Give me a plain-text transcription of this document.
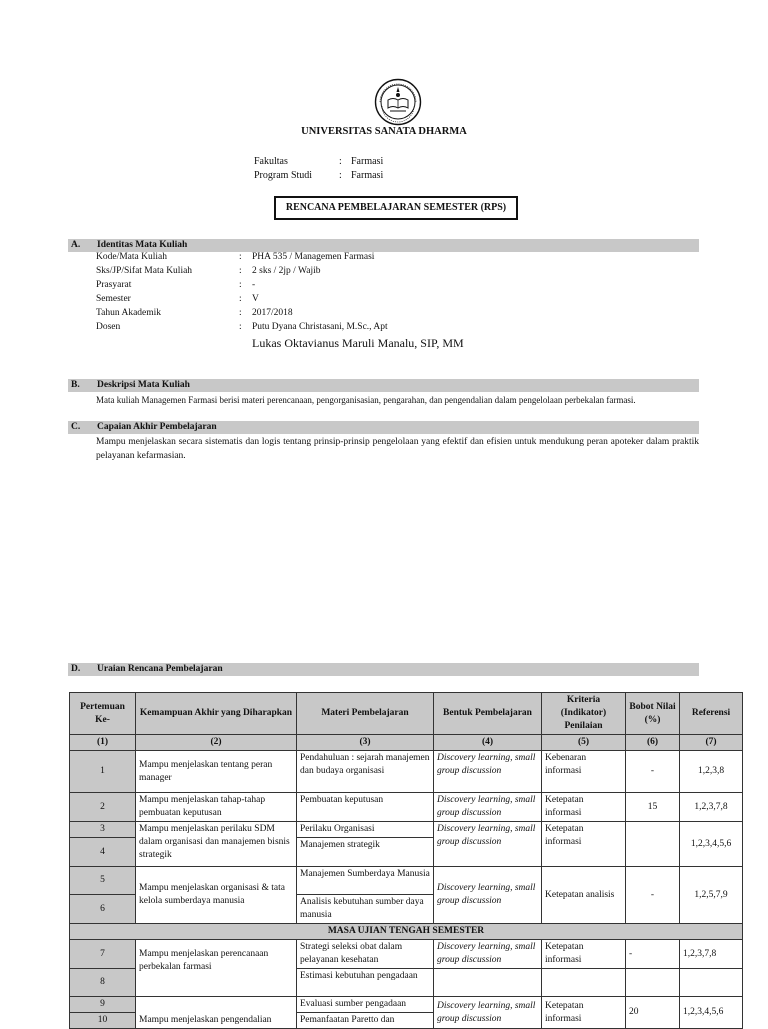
UNIVERSITAS SANATA DHARMA
Fakultas	: Farmasi
Program Studi	: Farmasi
RENCANA PEMBELAJARAN SEMESTER (RPS)
A. Identitas Mata Kuliah
Kode/Mata Kuliah	: PHA 535 / Managemen Farmasi
Sks/JP/Sifat Mata Kuliah	: 2 sks / 2jp / Wajib
Prasyarat	: -
Semester	: V
Tahun Akademik	: 2017/2018
Dosen	: Putu Dyana Christasani, M.Sc., Apt
Lukas Oktavianus Maruli Manalu, SIP, MM
B. Deskripsi Mata Kuliah
Mata kuliah Managemen Farmasi berisi materi perencanaan, pengorganisasian, pengarahan, dan pengendalian dalam pengelolaan perbekalan farmasi.
C. Capaian Akhir Pembelajaran
Mampu menjelaskan secara sistematis dan logis tentang prinsip-prinsip pengelolaan yang efektif dan efisien untuk mendukung peran apoteker dalam praktik pelayanan kefarmasian.
D. Uraian Rencana Pembelajaran
Pertemuan Ke-	Kemampuan Akhir yang Diharapkan	Materi Pembelajaran	Bentuk Pembelajaran	Kriteria (Indikator) Penilaian	Bobot Nilai (%)	Referensi
(1)	(2)	(3)	(4)	(5)	(6)	(7)
1	Mampu menjelaskan tentang peran manager	Pendahuluan : sejarah manajemen dan budaya organisasi	Discovery learning, small group discussion	Kebenaran informasi	-	1,2,3,8
2	Mampu menjelaskan tahap-tahap pembuatan keputusan	Pembuatan keputusan	Discovery learning, small group discussion	Ketepatan informasi	15	1,2,3,7,8
3	Mampu menjelaskan perilaku SDM dalam organisasi dan manajemen bisnis strategik	Perilaku Organisasi	Discovery learning, small group discussion	Ketepatan informasi		1,2,3,4,5,6
4		Manajemen strategik				
5	Mampu menjelaskan organisasi & tata kelola sumberdaya manusia	Manajemen Sumberdaya Manusia	Discovery learning, small group discussion	Ketepatan analisis	-	1,2,5,7,9
6		Analisis kebutuhan sumber daya manusia				
MASA UJIAN TENGAH SEMESTER						
7	Mampu menjelaskan perencanaan perbekalan farmasi	Strategi seleksi obat dalam pelayanan kesehatan	Discovery learning, small group discussion	Ketepatan informasi	-	1,2,3,7,8
8		Estimasi kebutuhan pengadaan				
9	Mampu menjelaskan pengendalian	Evaluasi sumber pengadaan	Discovery learning, small group discussion	Ketepatan informasi	20	1,2,3,4,5,6
10		Pemanfaatan Paretto dan				
